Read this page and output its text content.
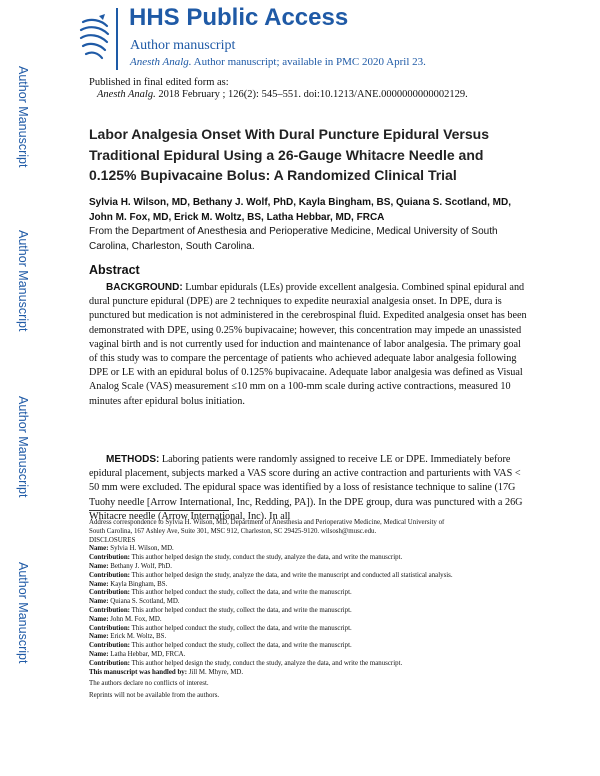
HHS Public Access
Author manuscript
Anesth Analg. Author manuscript; available in PMC 2020 April 23.
Author Manuscript
Author Manuscript
Author Manuscript
Author Manuscript
Published in final edited form as:
Anesth Analg. 2018 February ; 126(2): 545–551. doi:10.1213/ANE.0000000000002129.
Labor Analgesia Onset With Dural Puncture Epidural Versus Traditional Epidural Using a 26-Gauge Whitacre Needle and 0.125% Bupivacaine Bolus: A Randomized Clinical Trial
Sylvia H. Wilson, MD, Bethany J. Wolf, PhD, Kayla Bingham, BS, Quiana S. Scotland, MD, John M. Fox, MD, Erick M. Woltz, BS, Latha Hebbar, MD, FRCA
From the Department of Anesthesia and Perioperative Medicine, Medical University of South Carolina, Charleston, South Carolina.
Abstract
BACKGROUND: Lumbar epidurals (LEs) provide excellent analgesia. Combined spinal epidural and dural puncture epidural (DPE) are 2 techniques to expedite neuraxial analgesia onset. In DPE, dura is punctured but medication is not administered in the cerebrospinal fluid. Expedited analgesia onset has been demonstrated with DPE, using 0.25% bupivacaine; however, this concentration may impede an unassisted vaginal birth and is not currently used for induction and maintenance of labor analgesia. The primary goal of this study was to compare the percentage of patients who achieved adequate labor analgesia following DPE or LE with an epidural bolus of 0.125% bupivacaine. Adequate labor analgesia was defined as Visual Analog Scale (VAS) measurement ≤10 mm on a 100-mm scale during active contractions, measured 10 minutes after epidural bolus initiation.
METHODS: Laboring patients were randomly assigned to receive LE or DPE. Immediately before epidural placement, subjects marked a VAS score during an active contraction and parturients with VAS < 50 mm were excluded. The epidural space was identified by a loss of resistance technique to saline (17G Tuohy needle [Arrow International, Inc, Redding, PA]). In the DPE group, dura was punctured with a 26G Whitacre needle (Arrow International, Inc). In all
Address correspondence to Sylvia H. Wilson, MD, Department of Anesthesia and Perioperative Medicine, Medical University of
South Carolina, 167 Ashley Ave, Suite 301, MSC 912, Charleston, SC 29425-9120. wilsosh@musc.edu.
DISCLOSURES
Name: Sylvia H. Wilson, MD.
Contribution: This author helped design the study, conduct the study, analyze the data, and write the manuscript.
Name: Bethany J. Wolf, PhD.
Contribution: This author helped design the study, analyze the data, and write the manuscript and conducted all statistical analysis.
Name: Kayla Bingham, BS.
Contribution: This author helped conduct the study, collect the data, and write the manuscript.
Name: Quiana S. Scotland, MD.
Contribution: This author helped conduct the study, collect the data, and write the manuscript.
Name: John M. Fox, MD.
Contribution: This author helped conduct the study, collect the data, and write the manuscript.
Name: Erick M. Woltz, BS.
Contribution: This author helped conduct the study, collect the data, and write the manuscript.
Name: Latha Hebbar, MD, FRCA.
Contribution: This author helped design the study, conduct the study, analyze the data, and write the manuscript.
This manuscript was handled by: Jill M. Mhyre, MD.
The authors declare no conflicts of interest.
Reprints will not be available from the authors.
